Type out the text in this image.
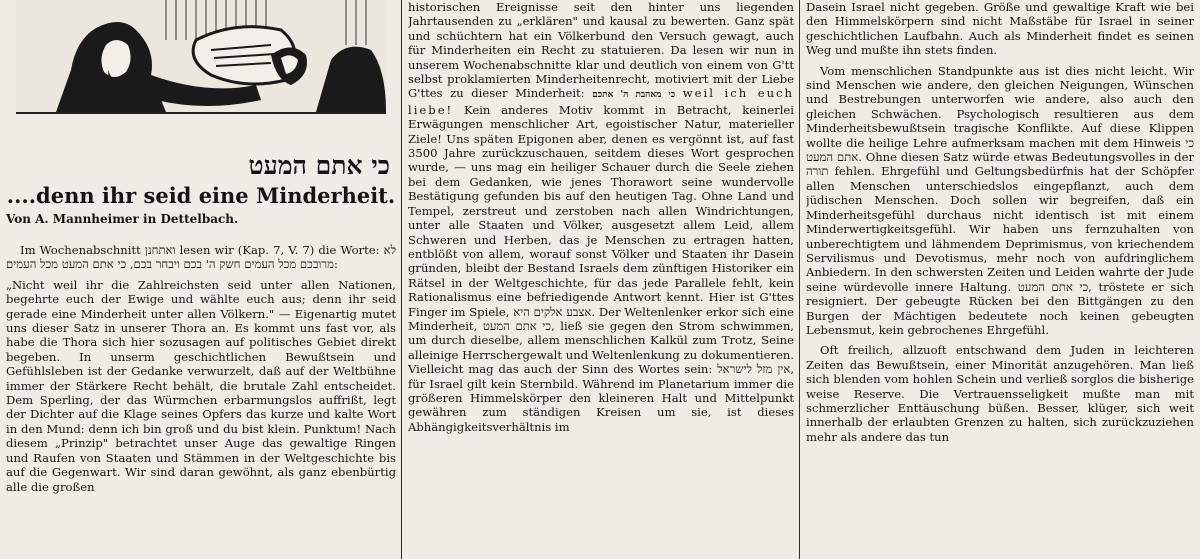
כי אתם המעט
....denn ihr seid eine Minderheit.
Von A. Mannheimer in Dettelbach.

Im Wochenabschnitt ואתחנן lesen wir (Kap. 7, V. 7) die Worte: לא מרובכם מכל העמים חשק ה' בכם ויבחר בכם, כי אתם המעט מכל העמים:

„Nicht weil ihr die Zahlreichsten seid unter allen Nationen, begehrte euch der Ewige und wählte euch aus; denn ihr seid gerade eine Minderheit unter allen Völkern." — Eigenartig mutet uns dieser Satz in unserer Thora an. Es kommt uns fast vor, als habe die Thora sich hier sozusagen auf politisches Gebiet direkt begeben. In unserm geschichtlichen Bewußtsein und Gefühlsleben ist der Gedanke verwurzelt, daß auf der Weltbühne immer der Stärkere Recht behält, die brutale Zahl entscheidet. Dem Sperling, der das Würmchen erbarmungslos auffrißt, legt der Dichter auf die Klage seines Opfers das kurze und kalte Wort in den Mund: denn ich bin groß und du bist klein. Punktum! Nach diesem „Prinzip" betrachtet unser Auge das gewaltige Ringen und Raufen von Staaten und Stämmen in der Weltgeschichte bis auf die Gegenwart. Wir sind daran gewöhnt, als ganz ebenbürtig alle die großen

historischen Ereignisse seit den hinter uns liegenden Jahrtausenden zu „erklären" und kausal zu bewerten. Ganz spät und schüchtern hat ein Völkerbund den Versuch gewagt, auch für Minderheiten ein Recht zu statuieren. Da lesen wir nun in unserem Wochenabschnitte klar und deutlich von einem von G'tt selbst proklamierten Minderheitenrecht, motiviert mit der Liebe G'ttes zu dieser Minderheit: כי מאהבת ה' אתכם weil ich euch liebe! Kein anderes Motiv kommt in Betracht, keinerlei Erwägungen menschlicher Art, egoistischer Natur, materieller Ziele! Uns späten Epigonen aber, denen es vergönnt ist, auf fast 3500 Jahre zurückzuschauen, seitdem dieses Wort gesprochen wurde, — uns mag ein heiliger Schauer durch die Seele ziehen bei dem Gedanken, wie jenes Thorawort seine wundervolle Bestätigung gefunden bis auf den heutigen Tag. Ohne Land und Tempel, zerstreut und zerstoben nach allen Windrichtungen, unter alle Staaten und Völker, ausgesetzt allem Leid, allem Schweren und Herben, das je Menschen zu ertragen hatten, entblößt von allem, worauf sonst Völker und Staaten ihr Dasein gründen, bleibt der Bestand Israels dem zünftigen Historiker ein Rätsel in der Weltgeschichte, für das jede Parallele fehlt, kein Rationalismus eine befriedigende Antwort kennt. Hier ist G'ttes Finger im Spiele, אצבע אלקים היא. Der Weltenlenker erkor sich eine Minderheit, כי אתם המעט, ließ sie gegen den Strom schwimmen, um durch dieselbe, allem menschlichen Kalkül zum Trotz, Seine alleinige Herrschergewalt und Weltenlenkung zu dokumentieren. Vielleicht mag das auch der Sinn des Wortes sein: אין מזל לישראל, für Israel gilt kein Sternbild. Während im Planetarium immer die größeren Himmelskörper den kleineren Halt und Mittelpunkt gewähren zum ständigen Kreisen um sie, ist dieses Abhängigkeitsverhältnis im

Dasein Israel nicht gegeben. Größe und gewaltige Kraft wie bei den Himmelskörpern sind nicht Maßstäbe für Israel in seiner geschichtlichen Laufbahn. Auch als Minderheit findet es seinen Weg und mußte ihn stets finden.

Vom menschlichen Standpunkte aus ist dies nicht leicht. Wir sind Menschen wie andere, den gleichen Neigungen, Wünschen und Bestrebungen unterworfen wie andere, also auch den gleichen Schwächen. Psychologisch resultieren aus dem Minderheitsbewußtsein tragische Konflikte. Auf diese Klippen wollte die heilige Lehre aufmerksam machen mit dem Hinweis כי אתם המעט. Ohne diesen Satz würde etwas Bedeutungsvolles in der תורה fehlen. Ehrgefühl und Geltungsbedürfnis hat der Schöpfer allen Menschen unterschiedslos eingepflanzt, auch dem jüdischen Menschen. Doch sollen wir begreifen, daß ein Minderheitsgefühl durchaus nicht identisch ist mit einem Minderwertigkeitsgefühl. Wir haben uns fernzuhalten von unberechtigtem und lähmendem Deprimismus, von kriechendem Servilismus und Devotismus, mehr noch von aufdringlichem Anbiedern. In den schwersten Zeiten und Leiden wahrte der Jude seine würdevolle innere Haltung. כי אתם המעט, tröstete er sich resigniert. Der gebeugte Rücken bei den Bittgängen zu den Burgen der Mächtigen bedeutete noch keinen gebeugten Lebensmut, kein gebrochenes Ehrgefühl.

Oft freilich, allzuoft entschwand dem Juden in leichteren Zeiten das Bewußtsein, einer Minorität anzugehören. Man ließ sich blenden vom hohlen Schein und verließ sorglos die bisherige weise Reserve. Die Vertrauensseligkeit mußte man mit schmerzlicher Enttäuschung büßen. Besser, klüger, sich weit innerhalb der erlaubten Grenzen zu halten, sich zurückzuziehen mehr als andere das tun
